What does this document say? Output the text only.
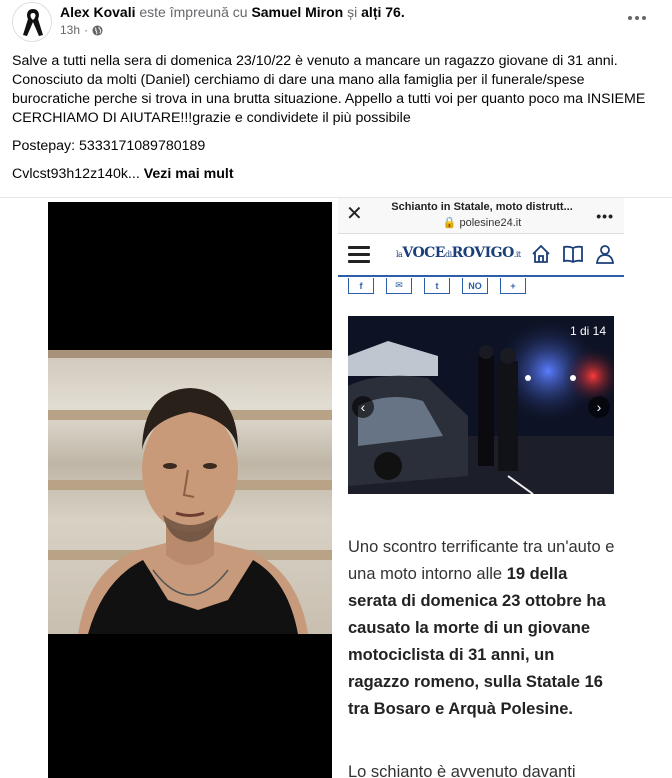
Alex Kovali este împreună cu Samuel Miron și alți 76.
13h ·

Salve a tutti nella sera di domenica 23/10/22 è venuto a mancare un ragazzo giovane di 31 anni. Conosciuto da molti (Daniel) cerchiamo di dare una mano alla famiglia per il funerale/spese burocratiche perche si trova in una brutta situazione. Appello a tutti voi per quanto poco ma INSIEME CERCHIAMO DI AIUTARE!!!grazie e condividete il più possibile

Postepay: 5333171089780189

Cvlcst93h12z140k... Vezi mai mult

✕	Schianto in Statale, moto distrutt...
🔒 polesine24.it	•••
laVOCEdiROVIGO.it
f	✉	t	NO	+
1 di 14
‹	›
Uno scontro terrificante tra un'auto e una moto intorno alle 19 della serata di domenica 23 ottobre ha causato la morte di un giovane motociclista di 31 anni, un ragazzo romeno, sulla Statale 16 tra Bosaro e Arquà Polesine.
Lo schianto è avvenuto davanti
